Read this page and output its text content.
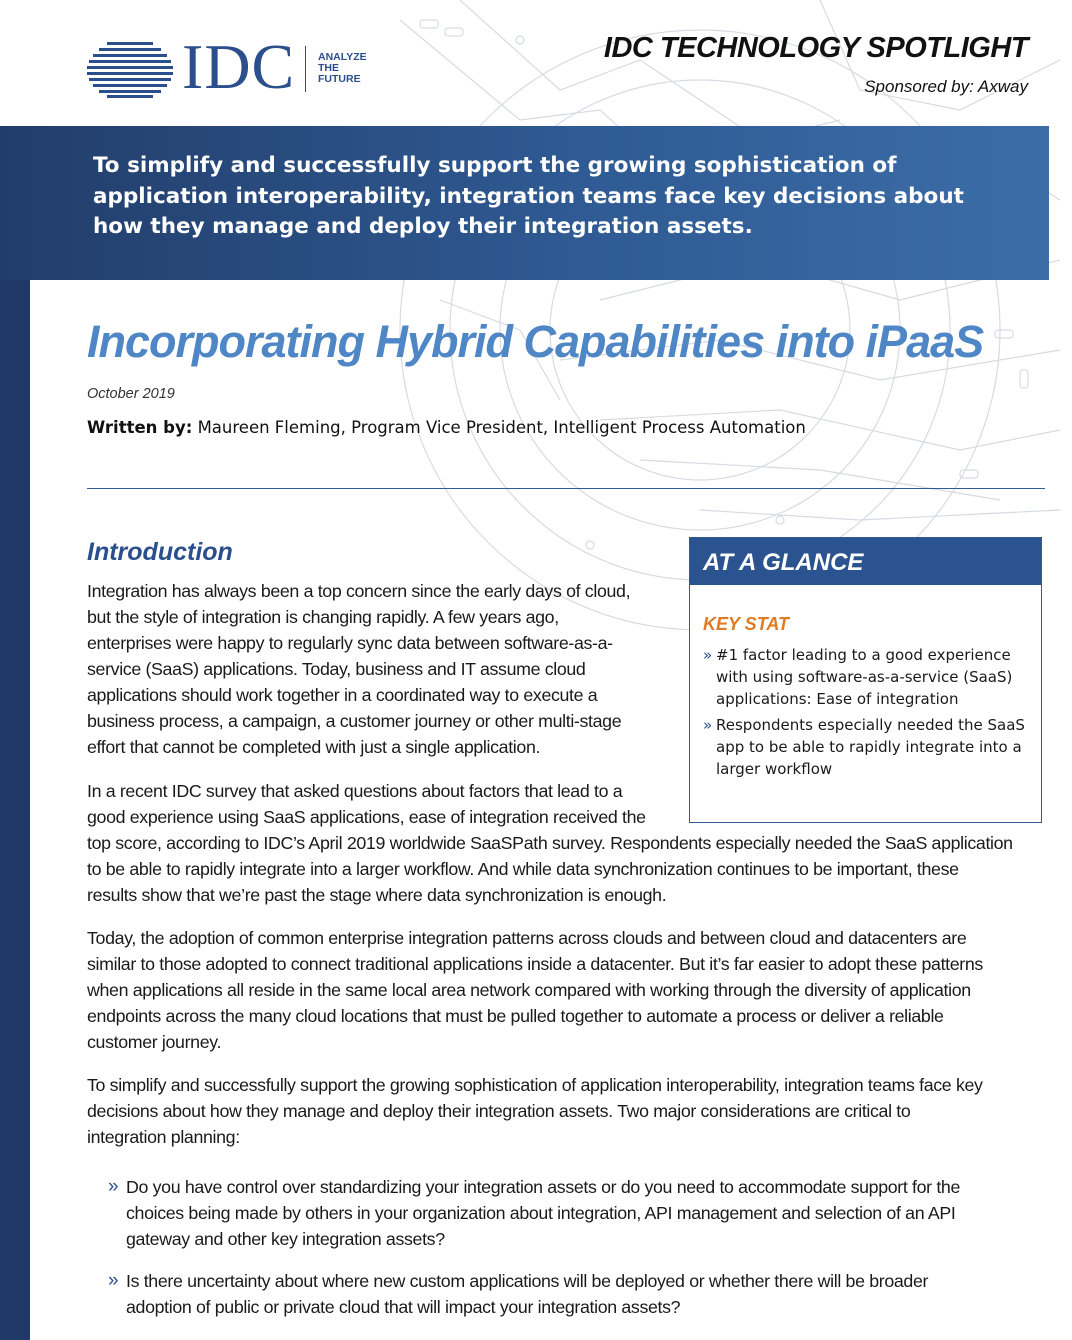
IDC ANALYZE
THE
FUTURE
IDC TECHNOLOGY SPOTLIGHT
Sponsored by: Axway
To simplify and successfully support the growing sophistication of application interoperability, integration teams face key decisions about how they manage and deploy their integration assets.
Incorporating Hybrid Capabilities into iPaaS
October 2019
Written by: Maureen Fleming, Program Vice President, Intelligent Process Automation
Introduction
Integration has always been a top concern since the early days of cloud,
but the style of integration is changing rapidly. A few years ago,
enterprises were happy to regularly sync data between software-as-a-
service (SaaS) applications. Today, business and IT assume cloud
applications should work together in a coordinated way to execute a
business process, a campaign, a customer journey or other multi-stage
effort that cannot be completed with just a single application.
In a recent IDC survey that asked questions about factors that lead to a
good experience using SaaS applications, ease of integration received the
top score, according to IDC’s April 2019 worldwide SaaSPath survey. Respondents especially needed the SaaS application
to be able to rapidly integrate into a larger workflow. And while data synchronization continues to be important, these
results show that we’re past the stage where data synchronization is enough.
Today, the adoption of common enterprise integration patterns across clouds and between cloud and datacenters are
similar to those adopted to connect traditional applications inside a datacenter. But it’s far easier to adopt these patterns
when applications all reside in the same local area network compared with working through the diversity of application
endpoints across the many cloud locations that must be pulled together to automate a process or deliver a reliable
customer journey.
To simplify and successfully support the growing sophistication of application interoperability, integration teams face key
decisions about how they manage and deploy their integration assets. Two major considerations are critical to
integration planning:
» Do you have control over standardizing your integration assets or do you need to accommodate support for the
choices being made by others in your organization about integration, API management and selection of an API
gateway and other key integration assets?
» Is there uncertainty about where new custom applications will be deployed or whether there will be broader
adoption of public or private cloud that will impact your integration assets?
AT A GLANCE
KEY STAT
» #1 factor leading to a good experience
with using software-as-a-service (SaaS)
applications: Ease of integration
» Respondents especially needed the SaaS
app to be able to rapidly integrate into a
larger workflow
